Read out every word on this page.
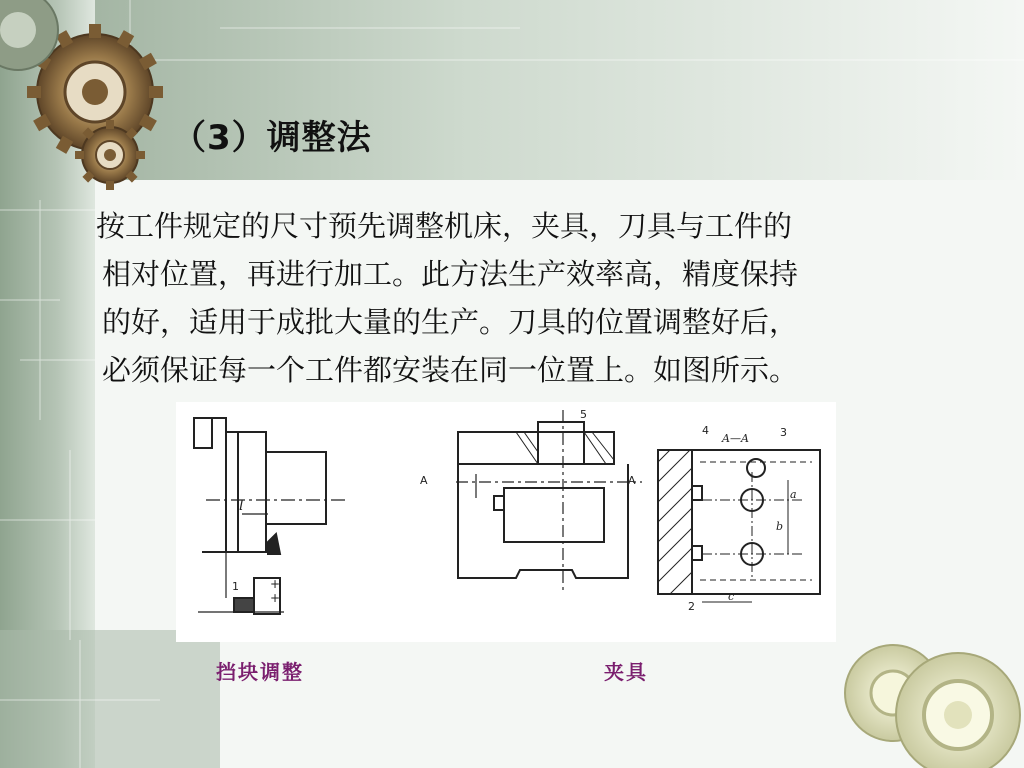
（3）调整法
按工件规定的尺寸预先调整机床，夹具，刀具与工件的
相对位置，再进行加工。此方法生产效率高，精度保持
的好，适用于成批大量的生产。刀具的位置调整好后，
必须保证每一个工件都安装在同一位置上。如图所示。
l
1	+
+
5
A	A
A—A	3
4
2
a
b
c
挡块调整	夹具
